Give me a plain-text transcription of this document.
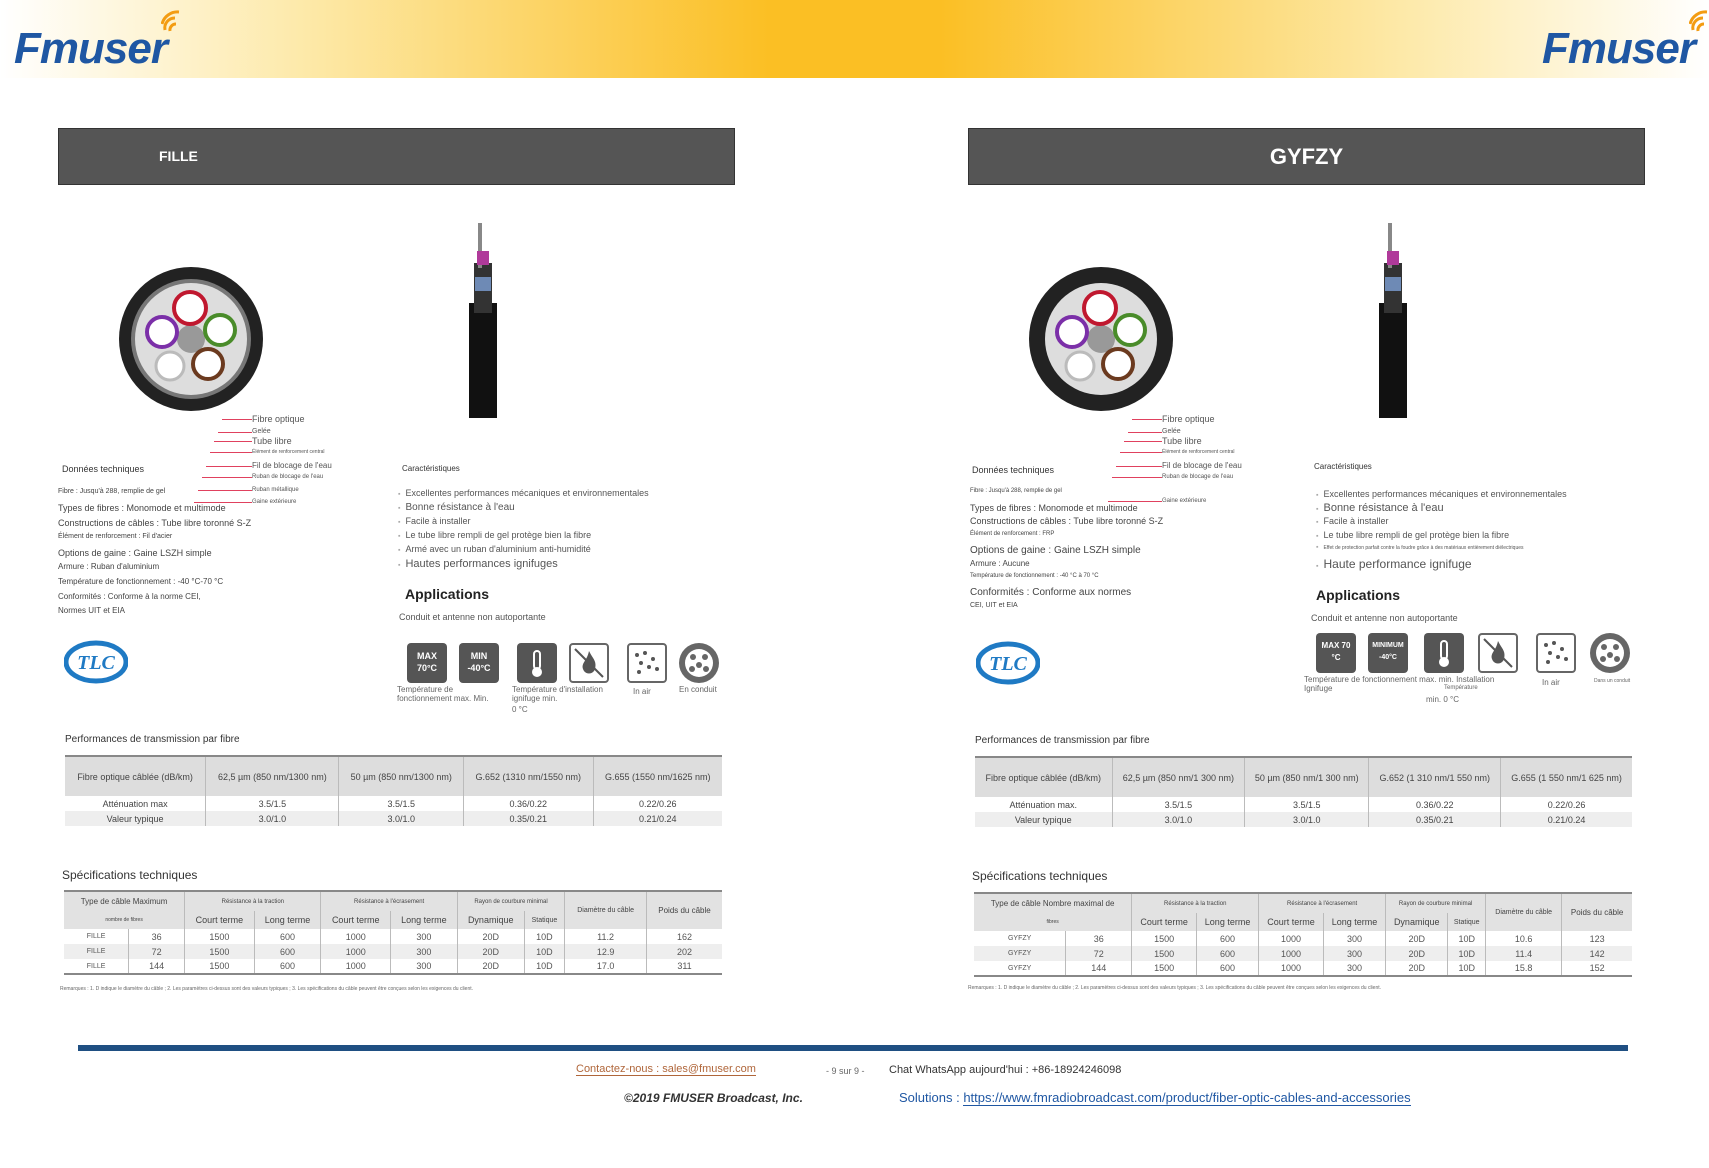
Fmuser	Fmuser
FILLE
Fibre optique
Gelée
Tube libre
Élément de renforcement central
Fil de blocage de l'eau
Ruban de blocage de l'eau
Ruban métallique
Gaine extérieure
Données techniques
Fibre : Jusqu'à 288, remplie de gel
Types de fibres : Monomode et multimode
Constructions de câbles : Tube libre toronné S-Z
Élément de renforcement : Fil d'acier
Options de gaine : Gaine LSZH simple
Armure : Ruban d'aluminium
Température de fonctionnement : -40 °C-70 °C
Conformités : Conforme à la norme CEI,
Normes UIT et EIA
Caractéristiques
▪ Excellentes performances mécaniques et environnementales
▪ Bonne résistance à l'eau
▪ Facile à installer
▪ Le tube libre rempli de gel protège bien la fibre
▪ Armé avec un ruban d'aluminium anti-humidité
▪ Hautes performances ignifuges
Applications
Conduit et antenne non autoportante
TLC	MAX
70°C
MIN
-40°C
Température de fonctionnement max. Min.
Température d'installation ignifuge min.
0 °C
In air	En conduit
Performances de transmission par fibre
Fibre optique câblée (dB/km)	62,5 µm (850 nm/1300 nm)	50 µm (850 nm/1300 nm)	G.652 (1310 nm/1550 nm)	G.655 (1550 nm/1625 nm)
Atténuation max	3.5/1.5	3.5/1.5	0.36/0.22	0.22/0.26
Valeur typique	3.0/1.0	3.0/1.0	0.35/0.21	0.21/0.24
Spécifications techniques
Type de câble Maximum		Résistance à la traction		Résistance à l'écrasement		Rayon de courbure minimal		Diamètre du câble	Poids du câble
nombre de fibres		Court terme	Long terme	Court terme	Long terme	Dynamique	Statique		
FILLE	36	1500	600	1000	300	20D	10D	11.2	162
FILLE	72	1500	600	1000	300	20D	10D	12.9	202
FILLE	144	1500	600	1000	300	20D	10D	17.0	311
Remarques : 1. D indique le diamètre du câble ; 2. Les paramètres ci-dessus sont des valeurs typiques ; 3. Les spécifications du câble peuvent être conçues selon les exigences du client.
GYFZY
Fibre optique
Gelée
Tube libre
Élément de renforcement central
Fil de blocage de l'eau
Ruban de blocage de l'eau
Gaine extérieure
Données techniques
Fibre : Jusqu'à 288, remplie de gel
Types de fibres : Monomode et multimode
Constructions de câbles : Tube libre toronné S-Z
Élément de renforcement : FRP
Options de gaine : Gaine LSZH simple
Armure : Aucune
Température de fonctionnement : -40 °C à 70 °C
Conformités : Conforme aux normes
CEI, UIT et EIA
Caractéristiques
▪ Excellentes performances mécaniques et environnementales
▪ Bonne résistance à l'eau
▪ Facile à installer
▪ Le tube libre rempli de gel protège bien la fibre
▪ Effet de protection parfait contre la foudre grâce à des matériaux entièrement diélectriques
▪ Haute performance ignifuge
Applications
Conduit et antenne non autoportante
TLC
MAX 70
°C
MINIMUM
-40°C
Température de fonctionnement max. min. Installation
Ignifuge	Température
min. 0 °C
In air	Dans un conduit
Performances de transmission par fibre
Fibre optique câblée (dB/km)	62,5 µm (850 nm/1 300 nm)	50 µm (850 nm/1 300 nm)	G.652 (1 310 nm/1 550 nm)	G.655 (1 550 nm/1 625 nm)
Atténuation max.	3.5/1.5	3.5/1.5	0.36/0.22	0.22/0.26
Valeur typique	3.0/1.0	3.0/1.0	0.35/0.21	0.21/0.24
Spécifications techniques
Type de câble Nombre maximal de		Résistance à la traction		Résistance à l'écrasement		Rayon de courbure minimal		Diamètre du câble	Poids du câble
fibres		Court terme	Long terme	Court terme	Long terme	Dynamique	Statique		
GYFZY	36	1500	600	1000	300	20D	10D	10.6	123
GYFZY	72	1500	600	1000	300	20D	10D	11.4	142
GYFZY	144	1500	600	1000	300	20D	10D	15.8	152
Remarques : 1. D indique le diamètre du câble ; 2. Les paramètres ci-dessus sont des valeurs typiques ; 3. Les spécifications du câble peuvent être conçues selon les exigences du client.
Contactez-nous : sales@fmuser.com	- 9 sur 9 - Chat WhatsApp aujourd'hui : +86-18924246098
©2019 FMUSER Broadcast, Inc.	Solutions : https://www.fmradiobroadcast.com/product/fiber-optic-cables-and-accessories
